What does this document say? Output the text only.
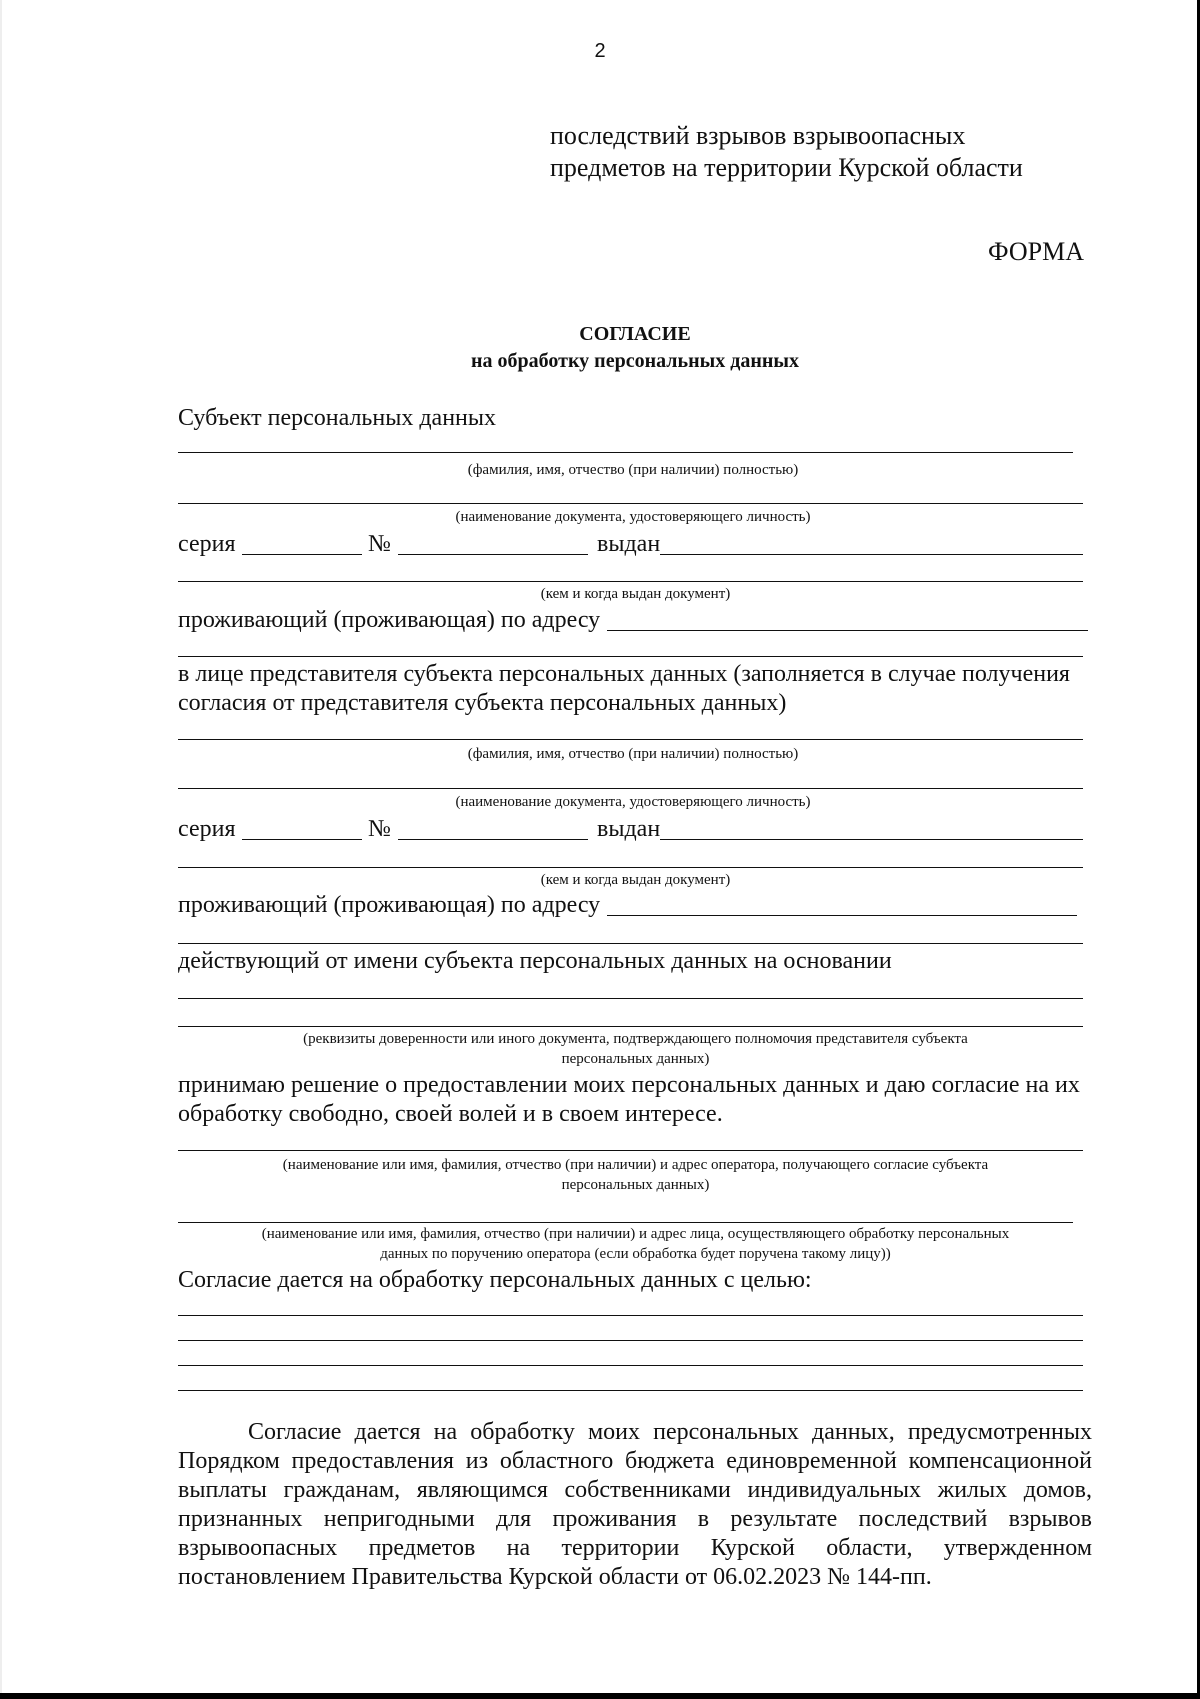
2
последствий взрывов взрывоопасных
предметов на территории Курской области
ФОРМА
СОГЛАСИЕ
на обработку персональных данных
Субъект персональных данных
(фамилия, имя, отчество (при наличии) полностью)
(наименование документа, удостоверяющего личность)
серия	№	выдан
(кем и когда выдан документ)
проживающий (проживающая) по адресу
в лице представителя субъекта персональных данных (заполняется в случае получения
согласия от представителя субъекта персональных данных)
(фамилия, имя, отчество (при наличии) полностью)
(наименование документа, удостоверяющего личность)
серия	№	выдан
(кем и когда выдан документ)
проживающий (проживающая) по адресу
действующий от имени субъекта персональных данных на основании
(реквизиты доверенности или иного документа, подтверждающего полномочия представителя субъекта
персональных данных)
принимаю решение о предоставлении моих персональных данных и даю согласие на их
обработку свободно, своей волей и в своем интересе.
(наименование или имя, фамилия, отчество (при наличии) и адрес оператора, получающего согласие субъекта
персональных данных)
(наименование или имя, фамилия, отчество (при наличии) и адрес лица, осуществляющего обработку персональных
данных по поручению оператора (если обработка будет поручена такому лицу))
Согласие дается на обработку персональных данных с целью:
Согласие дается на обработку моих персональных данных, предусмотренных Порядком предоставления из областного бюджета единовременной компенсационной выплаты гражданам, являющимся собственниками индивидуальных жилых домов, признанных непригодными для проживания в результате последствий взрывов взрывоопасных предметов на территории Курской области, утвержденном постановлением Правительства Курской области от 06.02.2023 № 144-пп.
